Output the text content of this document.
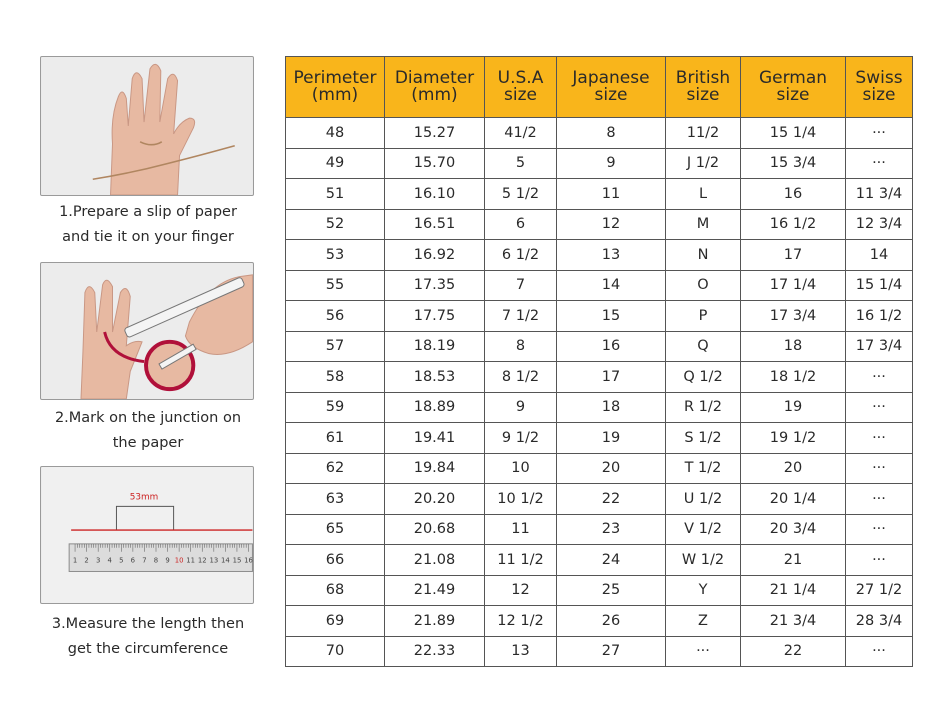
1.Prepare a slip of paper
and tie it on your finger
2.Mark on the junction on
the paper
53mm
1 2 3 4 5 6 7 8 9 10 11 12 13 14 15 16
3.Measure the length then
get the circumference
Perimeter
(mm)	Diameter
(mm)	U.S.A
size	Japanese
size	British
size	German
size	Swiss
size

48	15.27	41/2	8	11/2	15 1/4	···
49	15.70	5	9	J 1/2	15 3/4	···
51	16.10	5 1/2	11	L	16	11 3/4
52	16.51	6	12	M	16 1/2	12 3/4
53	16.92	6 1/2	13	N	17	14
55	17.35	7	14	O	17 1/4	15 1/4
56	17.75	7 1/2	15	P	17 3/4	16 1/2
57	18.19	8	16	Q	18	17 3/4
58	18.53	8 1/2	17	Q 1/2	18 1/2	···
59	18.89	9	18	R 1/2	19	···
61	19.41	9 1/2	19	S 1/2	19 1/2	···
62	19.84	10	20	T 1/2	20	···
63	20.20	10 1/2	22	U 1/2	20 1/4	···
65	20.68	11	23	V 1/2	20 3/4	···
66	21.08	11 1/2	24	W 1/2	21	···
68	21.49	12	25	Y	21 1/4	27 1/2
69	21.89	12 1/2	26	Z	21 3/4	28 3/4
70	22.33	13	27	···	22	···
